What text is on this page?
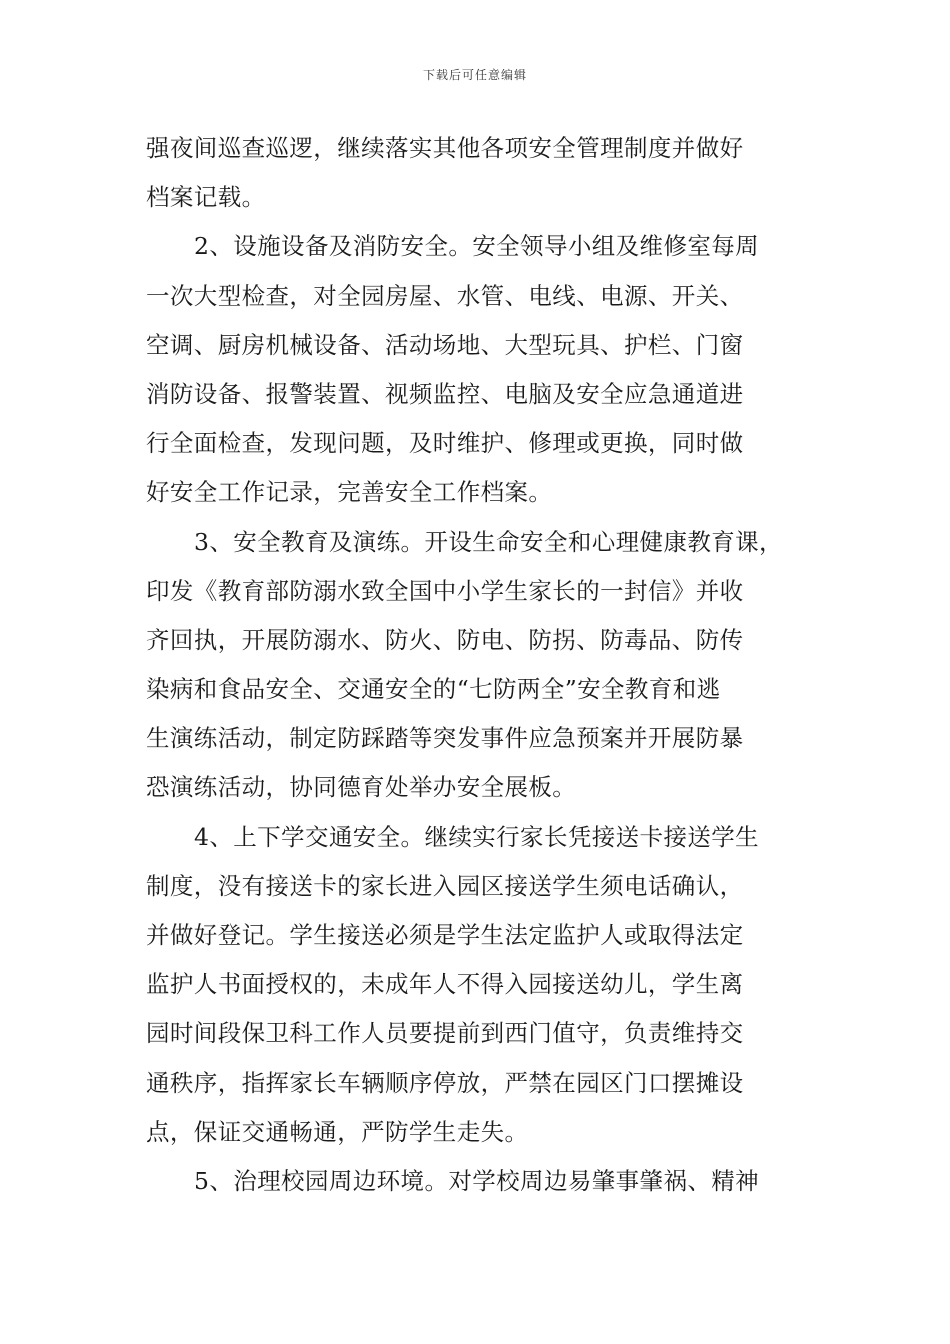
下载后可任意编辑
强夜间巡查巡逻，继续落实其他各项安全管理制度并做好
档案记载。
2、设施设备及消防安全。安全领导小组及维修室每周
一次大型检查，对全园房屋、水管、电线、电源、开关、
空调、厨房机械设备、活动场地、大型玩具、护栏、门窗
消防设备、报警装置、视频监控、电脑及安全应急通道进
行全面检查，发现问题，及时维护、修理或更换，同时做
好安全工作记录，完善安全工作档案。
3、安全教育及演练。开设生命安全和心理健康教育课，
印发《教育部防溺水致全国中小学生家长的一封信》并收
齐回执，开展防溺水、防火、防电、防拐、防毒品、防传
染病和食品安全、交通安全的“七防两全”安全教育和逃
生演练活动，制定防踩踏等突发事件应急预案并开展防暴
恐演练活动，协同德育处举办安全展板。
4、上下学交通安全。继续实行家长凭接送卡接送学生
制度，没有接送卡的家长进入园区接送学生须电话确认，
并做好登记。学生接送必须是学生法定监护人或取得法定
监护人书面授权的，未成年人不得入园接送幼儿，学生离
园时间段保卫科工作人员要提前到西门值守，负责维持交
通秩序，指挥家长车辆顺序停放，严禁在园区门口摆摊设
点，保证交通畅通，严防学生走失。
5、治理校园周边环境。对学校周边易肇事肇祸、精神
